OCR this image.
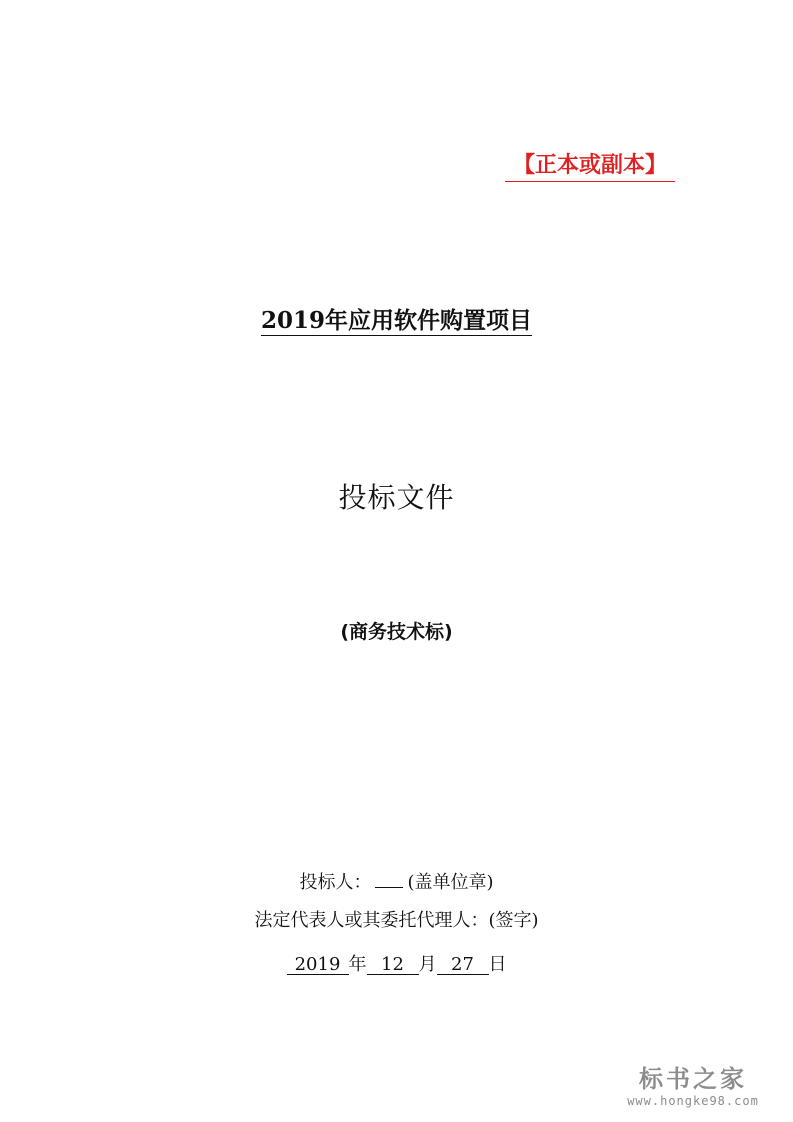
【正本或副本】
2019年应用软件购置项目
投标文件
(商务技术标)
投标人： (盖单位章)
法定代表人或其委托代理人：(签字)
2019 年 12 月 27 日
标书之家
www.hongke98.com
